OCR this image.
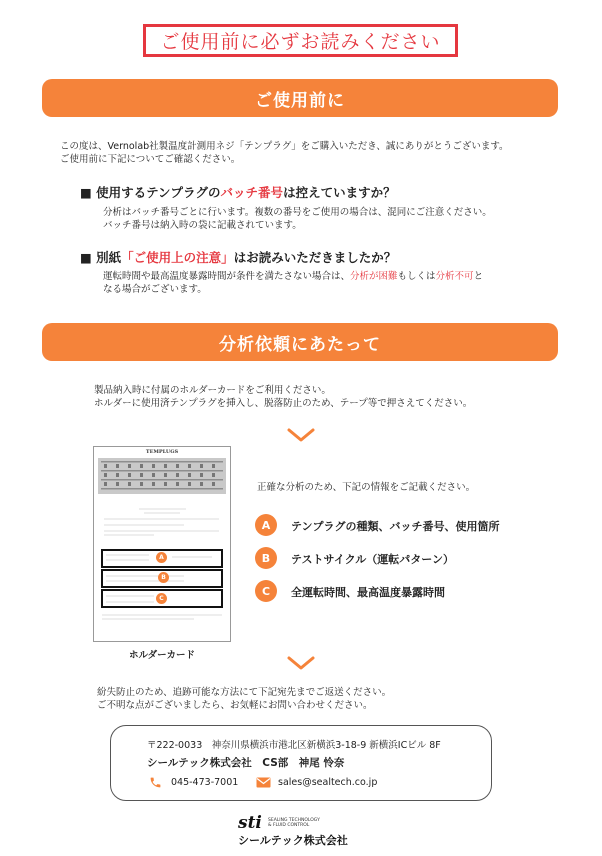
ご使用前に必ずお読みください
ご使用前に
この度は、Vernolab社製温度計測用ネジ「テンプラグ」をご購入いただき、誠にありがとうございます。
ご使用前に下記についてご確認ください。
■ 使用するテンプラグのバッチ番号は控えていますか？
分析はバッチ番号ごとに行います。複数の番号をご使用の場合は、混同にご注意ください。
バッチ番号は納入時の袋に記載されています。
■ 別紙「ご使用上の注意」はお読みいただきましたか？
運転時間や最高温度暴露時間が条件を満たさない場合は、分析が困難もしくは分析不可と
なる場合がございます。
分析依頼にあたって
製品納入時に付属のホルダーカードをご利用ください。
ホルダーに使用済テンプラグを挿入し、脱落防止のため、テープ等で押さえてください。
TEMPLUGS
A
B
C
ホルダーカード
正確な分析のため、下記の情報をご記載ください。
A	テンプラグの種類、バッチ番号、使用箇所
B	テストサイクル（運転パターン）
C	全運転時間、最高温度暴露時間
紛失防止のため、追跡可能な方法にて下記宛先までご返送ください。
ご不明な点がございましたら、お気軽にお問い合わせください。
〒222-0033　神奈川県横浜市港北区新横浜3-18-9 新横浜ICビル 8F
シールテック株式会社　CS部　神尾 怜奈
045-473-7001	sales@sealtech.co.jp
sti SEALING TECHNOLOGY
& FLUID CONTROL
シールテック株式会社
